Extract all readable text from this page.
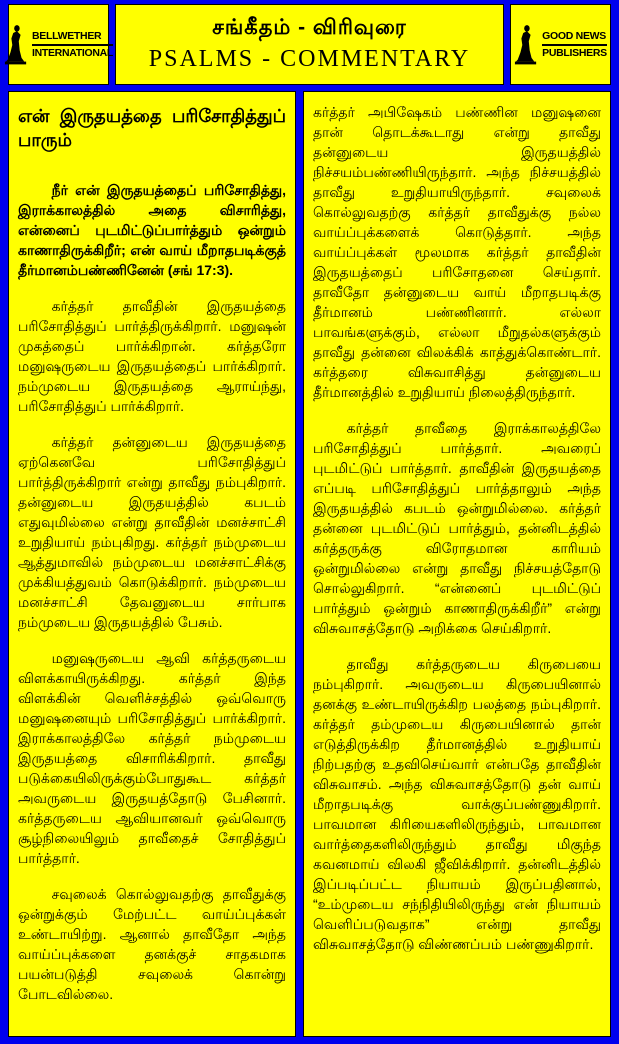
BELLWETHER
INTERNATIONAL
சங்கீதம் - விரிவுரை
PSALMS - COMMENTARY
GOOD NEWS
PUBLISHERS
என் இருதயத்தை பரிசோதித்துப் பாரும்

நீர் என் இருதயத்தைப் பரிசோதித்து, இராக்காலத்தில் அதை விசாரித்து, என்னைப் புடமிட்டுப்பார்த்தும் ஒன்றும் காணாதிருக்கிறீர்; என் வாய் மீறாதபடிக்குத் தீர்மானம்பண்ணினேன் (சங் 17:3).

கர்த்தர் தாவீதின் இருதயத்தை பரிசோதித்துப் பார்த்திருக்கிறார். மனுஷன் முகத்தைப் பார்க்கிறான். கர்த்தரோ மனுஷருடைய இருதயத்தைப் பார்க்கிறார். நம்முடைய இருதயத்தை ஆராய்ந்து, பரிசோதித்துப் பார்க்கிறார்.

கர்த்தர் தன்னுடைய இருதயத்தை ஏற்கெனவே பரிசோதித்துப் பார்த்திருக்கிறார் என்று தாவீது நம்புகிறார். தன்னுடைய இருதயத்தில் கபடம் எதுவுமில்லை என்று தாவீதின் மனச்சாட்சி உறுதியாய் நம்புகிறது. கர்த்தர் நம்முடைய ஆத்துமாவில் நம்முடைய மனச்சாட்சிக்கு முக்கியத்துவம் கொடுக்கிறார். நம்முடைய மனச்சாட்சி தேவனுடைய சார்பாக நம்முடைய இருதயத்தில் பேசும்.

மனுஷருடைய ஆவி கர்த்தருடைய விளக்காயிருக்கிறது. கர்த்தர் இந்த விளக்கின் வெளிச்சத்தில் ஒவ்வொரு மனுஷனையும் பரிசோதித்துப் பார்க்கிறார். இராக்காலத்திலே கர்த்தர் நம்முடைய இருதயத்தை விசாரிக்கிறார். தாவீது படுக்கையிலிருக்கும்போதுகூட கர்த்தர் அவருடைய இருதயத்தோடு பேசினார். கர்த்தருடைய ஆவியானவர் ஒவ்வொரு சூழ்நிலையிலும் தாவீதைச் சோதித்துப் பார்த்தார்.

சவுலைக் கொல்லுவதற்கு தாவீதுக்கு ஒன்றுக்கும் மேற்பட்ட வாய்ப்புக்கள் உண்டாயிற்று. ஆனால் தாவீதோ அந்த வாய்ப்புக்களை தனக்குச் சாதகமாக பயன்படுத்தி சவுலைக் கொன்று போடவில்லை.

கர்த்தர் அபிஷேகம் பண்ணின மனுஷனை தான் தொடக்கூடாது என்று தாவீது தன்னுடைய இருதயத்தில் நிச்சயம்பண்ணியிருந்தார். அந்த நிச்சயத்தில் தாவீது உறுதியாயிருந்தார். சவுலைக் கொல்லுவதற்கு கர்த்தர் தாவீதுக்கு நல்ல வாய்ப்புக்களைக் கொடுத்தார். அந்த வாய்ப்புக்கள் மூலமாக கர்த்தர் தாவீதின் இருதயத்தைப் பரிசோதனை செய்தார். தாவீதோ தன்னுடைய வாய் மீறாதபடிக்கு தீர்மானம் பண்ணினார். எல்லா பாவங்களுக்கும், எல்லா மீறுதல்களுக்கும் தாவீது தன்னை விலக்கிக் காத்துக்கொண்டார். கர்த்தரை விசுவாசித்து தன்னுடைய தீர்மானத்தில் உறுதியாய் நிலைத்திருந்தார்.

கர்த்தர் தாவீதை இராக்காலத்திலே பரிசோதித்துப் பார்த்தார். அவரைப் புடமிட்டுப் பார்த்தார். தாவீதின் இருதயத்தை எப்படி பரிசோதித்துப் பார்த்தாலும் அந்த இருதயத்தில் கபடம் ஒன்றுமில்லை. கர்த்தர் தன்னை புடமிட்டுப் பார்த்தும், தன்னிடத்தில் கர்த்தருக்கு விரோதமான காரியம் ஒன்றுமில்லை என்று தாவீது நிச்சயத்தோடு சொல்லுகிறார். “என்னைப் புடமிட்டுப் பார்த்தும் ஒன்றும் காணாதிருக்கிறீர்” என்று விசுவாசத்தோடு அறிக்கை செய்கிறார்.

தாவீது கர்த்தருடைய கிருபையை நம்புகிறார். அவருடைய கிருபையினால் தனக்கு உண்டாயிருக்கிற பலத்தை நம்புகிறார். கர்த்தர் தம்முடைய கிருபையினால் தான் எடுத்திருக்கிற தீர்மானத்தில் உறுதியாய் நிற்பதற்கு உதவிசெய்வார் என்பதே தாவீதின் விசுவாசம். அந்த விசுவாசத்தோடு தன் வாய் மீறாதபடிக்கு வாக்குப்பண்ணுகிறார். பாவமான கிரியைகளிலிருந்தும், பாவமான வார்த்தைகளிலிருந்தும் தாவீது மிகுந்த கவனமாய் விலகி ஜீவிக்கிறார். தன்னிடத்தில் இப்படிப்பட்ட நியாயம் இருப்பதினால், “உம்முடைய சந்நிதியிலிருந்து என் நியாயம் வெளிப்படுவதாக” என்று தாவீது விசுவாசத்தோடு விண்ணப்பம் பண்ணுகிறார்.
